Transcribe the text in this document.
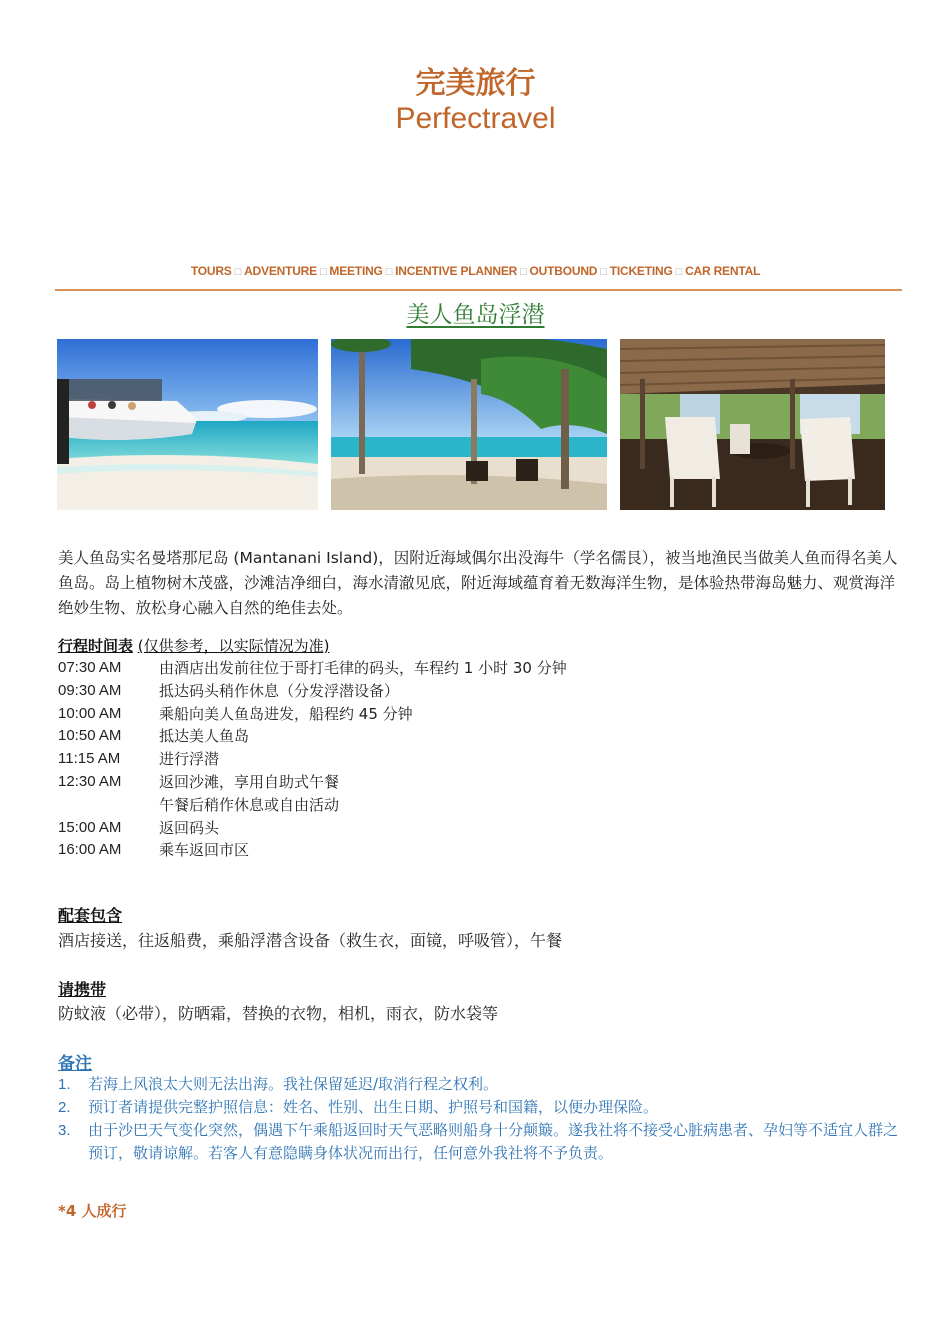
完美旅行
Perfectravel
TOURS □ ADVENTURE □ MEETING □ INCENTIVE PLANNER □ OUTBOUND □ TICKETING □ CAR RENTAL
美人鱼岛浮潜
美人鱼岛实名曼塔那尼岛 (Mantanani Island)，因附近海域偶尔出没海牛（学名儒艮），被当地渔民当做美人鱼而得名美人鱼岛。岛上植物树木茂盛，沙滩洁净细白，海水清澈见底，附近海域蕴育着无数海洋生物，是体验热带海岛魅力、观赏海洋绝妙生物、放松身心融入自然的绝佳去处。
行程时间表 (仅供参考，以实际情况为准)
07:30 AM	由酒店出发前往位于哥打毛律的码头，车程约 1 小时 30 分钟
09:30 AM	抵达码头稍作休息（分发浮潜设备）
10:00 AM	乘船向美人鱼岛进发，船程约 45 分钟
10:50 AM	抵达美人鱼岛
11:15 AM	进行浮潜
12:30 AM	返回沙滩，享用自助式午餐
午餐后稍作休息或自由活动
15:00 AM	返回码头
16:00 AM	乘车返回市区
配套包含
酒店接送，往返船费，乘船浮潜含设备（救生衣，面镜，呼吸管），午餐
请携带
防蚊液（必带），防晒霜，替换的衣物，相机，雨衣，防水袋等
备注
1.	若海上风浪太大则无法出海。我社保留延迟/取消行程之权利。
2.	预订者请提供完整护照信息：姓名、性别、出生日期、护照号和国籍，以便办理保险。
3.	由于沙巴天气变化突然，偶遇下午乘船返回时天气恶略则船身十分颠簸。遂我社将不接受心脏病患者、孕妇等不适宜人群之预订，敬请谅解。若客人有意隐瞒身体状况而出行，任何意外我社将不予负责。
*4 人成行
